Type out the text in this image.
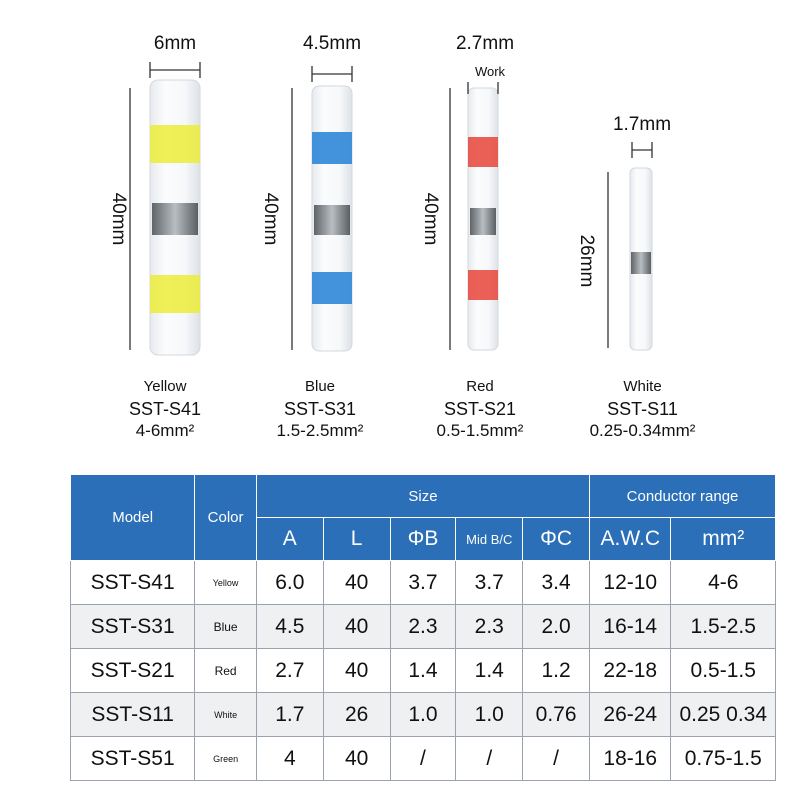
6mm	4.5mm	2.7mm
Work
1.7mm
40mm	40mm	40mm
26mm
Yellow
SST-S41
4-6mm²
Blue
SST-S31
1.5-2.5mm²
Red
SST-S21
0.5-1.5mm²
White
SST-S11
0.25-0.34mm²
Model	Color	Size					Conductor range	
		A	L	ΦB	Mid B/C	ΦC	A.W.C	mm²
SST-S41	Yellow	6.0	40	3.7	3.7	3.4	12-10	4-6
SST-S31	Blue	4.5	40	2.3	2.3	2.0	16-14	1.5-2.5
SST-S21	Red	2.7	40	1.4	1.4	1.2	22-18	0.5-1.5
SST-S11	White	1.7	26	1.0	1.0	0.76	26-24	0.25 0.34
SST-S51	Green	4	40	/	/	/	18-16	0.75-1.5
